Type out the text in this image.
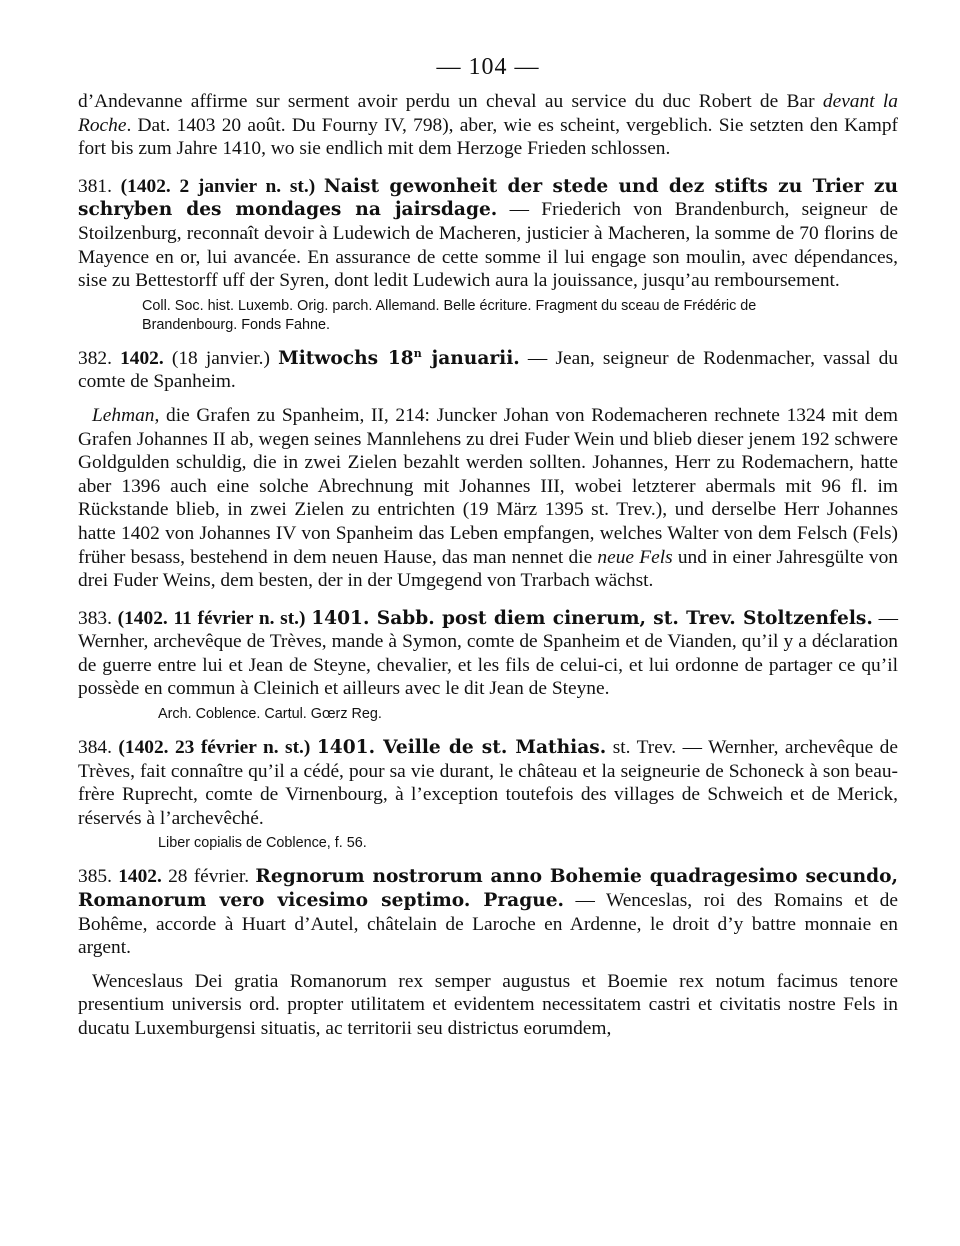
— 104 —

d’Andevanne affirme sur serment avoir perdu un cheval au service du duc Robert de Bar devant la Roche. Dat. 1403 20 août. Du Fourny IV, 798), aber, wie es scheint, vergeblich. Sie setzten den Kampf fort bis zum Jahre 1410, wo sie endlich mit dem Herzoge Frieden schlossen.

381. (1402. 2 janvier n. st.) Naist gewonheit der stede und dez stifts zu Trier zu schryben des mondages na jairsdage. — Friederich von Brandenburch, seigneur de Stoilzenburg, reconnaît devoir à Ludewich de Macheren, justicier à Macheren, la somme de 70 florins de Mayence en or, lui avancée. En assurance de cette somme il lui engage son moulin, avec dépendances, sise zu Bettestorff uff der Syren, dont ledit Ludewich aura la jouissance, jusqu’au remboursement.

Coll. Soc. hist. Luxemb. Orig. parch. Allemand. Belle écriture. Fragment du sceau de Frédéric de
Brandenbourg. Fonds Fahne.

382. 1402. (18 janvier.) Mitwochs 18$^n$ januarii. — Jean, seigneur de Rodenmacher, vassal du comte de Spanheim.

Lehman, die Grafen zu Spanheim, II, 214: Juncker Johan von Rodemacheren rechnete 1324 mit dem Grafen Johannes II ab, wegen seines Mannlehens zu drei Fuder Wein und blieb dieser jenem 192 schwere Goldgulden schuldig, die in zwei Zielen bezahlt werden sollten. Johannes, Herr zu Rodemachern, hatte aber 1396 auch eine solche Abrechnung mit Johannes III, wobei letzterer abermals mit 96 fl. im Rückstande blieb, in zwei Zielen zu entrichten (19 März 1395 st. Trev.), und derselbe Herr Johannes hatte 1402 von Johannes IV von Spanheim das Leben empfangen, welches Walter von dem Felsch (Fels) früher besass, bestehend in dem neuen Hause, das man nennet die neue Fels und in einer Jahresgülte von drei Fuder Weins, dem besten, der in der Umgegend von Trarbach wächst.

383. (1402. 11 février n. st.) 1401. Sabb. post diem cinerum, st. Trev. Stoltzenfels. — Wernher, archevêque de Trèves, mande à Symon, comte de Spanheim et de Vianden, qu’il y a déclaration de guerre entre lui et Jean de Steyne, chevalier, et les fils de celui-ci, et lui ordonne de partager ce qu’il possède en commun à Cleinich et ailleurs avec le dit Jean de Steyne.

Arch. Coblence. Cartul. Gœrz Reg.

384. (1402. 23 février n. st.) 1401. Veille de st. Mathias. st. Trev. — Wernher, archevêque de Trèves, fait connaître qu’il a cédé, pour sa vie durant, le château et la seigneurie de Schoneck à son beau-frère Ruprecht, comte de Virnenbourg, à l’exception toutefois des villages de Schweich et de Merick, réservés à l’archevêché.

Liber copialis de Coblence, f. 56.

385. 1402. 28 février. Regnorum nostrorum anno Bohemie quadragesimo secundo, Romanorum vero vicesimo septimo. Prague. — Wenceslas, roi des Romains et de Bohême, accorde à Huart d’Autel, châtelain de Laroche en Ardenne, le droit d’y battre monnaie en argent.

Wenceslaus Dei gratia Romanorum rex semper augustus et Boemie rex notum facimus tenore presentium universis ord. propter utilitatem et evidentem necessitatem castri et civitatis nostre Fels in ducatu Luxemburgensi situatis, ac territorii seu districtus eorumdem,
